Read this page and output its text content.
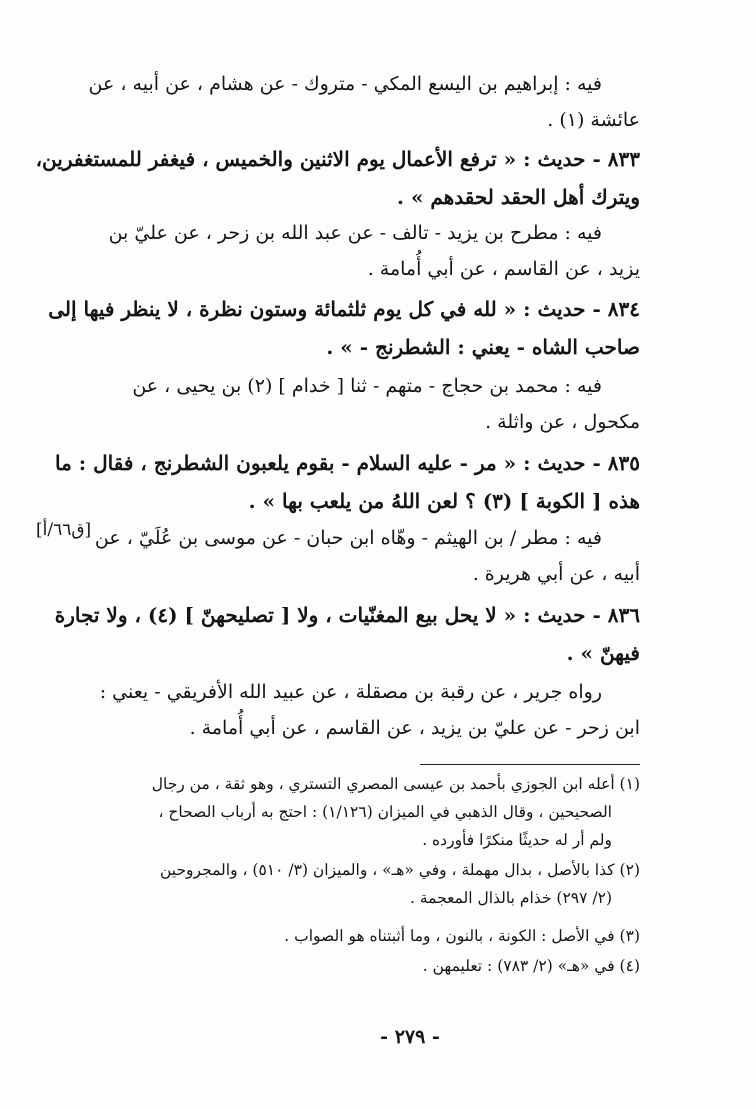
فيه : إبراهيم بن اليسع المكي - متروك - عن هشام ، عن أبيه ، عن
عائشة (١) .

٨٣٣ - حديث : « ترفع الأعمال يوم الاثنين والخميس ، فيغفر للمستغفرين،
ويترك أهل الحقد لحقدهم » .

فيه : مطرح بن يزيد - تالف - عن عبد الله بن زحر ، عن عليّ بن
يزيد ، عن القاسم ، عن أبي أُمامة .

٨٣٤ - حديث : « لله في كل يوم ثلثمائة وستون نظرة ، لا ينظر فيها إلى
صاحب الشاه - يعني : الشطرنج - » .

فيه : محمد بن حجاج - متهم - ثنا [ خدام ] (٢) بن يحيى ، عن
مكحول ، عن واثلة .

٨٣٥ - حديث : « مر - عليه السلام - بقوم يلعبون الشطرنج ، فقال : ما
هذه [ الكوبة ] (٣) ؟ لعن اللهُ من يلعب بها » .

فيه : مطر / بن الهيثم - وهّاه ابن حبان - عن موسى بن عُلَيّ ، عن
أبيه ، عن أبي هريرة .

[ق٦٦/أ]

٨٣٦ - حديث : « لا يحل بيع المغنّيات ، ولا [ تصليحهنّ ] (٤) ، ولا تجارة
فيهنّ » .

رواه جرير ، عن رقبة بن مصقلة ، عن عبيد الله الأفريقي - يعني :
ابن زحر - عن عليّ بن يزيد ، عن القاسم ، عن أبي أُمامة .

(١) أعله ابن الجوزي بأحمد بن عيسى المصري التستري ، وهو ثقة ، من رجال
الصحيحين ، وقال الذهبي في الميزان (١/١٢٦) : احتج به أرباب الصحاح ،
ولم أر له حديثًا منكرًا فأورده .

(٢) كذا بالأصل ، بدال مهملة ، وفي «هـ» ، والميزان (٣/ ٥١٠) ، والمجروحين
(٢/ ٢٩٧) خذام بالذال المعجمة .

(٣) في الأصل : الكونة ، بالنون ، وما أثبتناه هو الصواب .

(٤) في «هـ» (٢/ ٧٨٣) : تعليمهن .

- ٢٧٩ -
